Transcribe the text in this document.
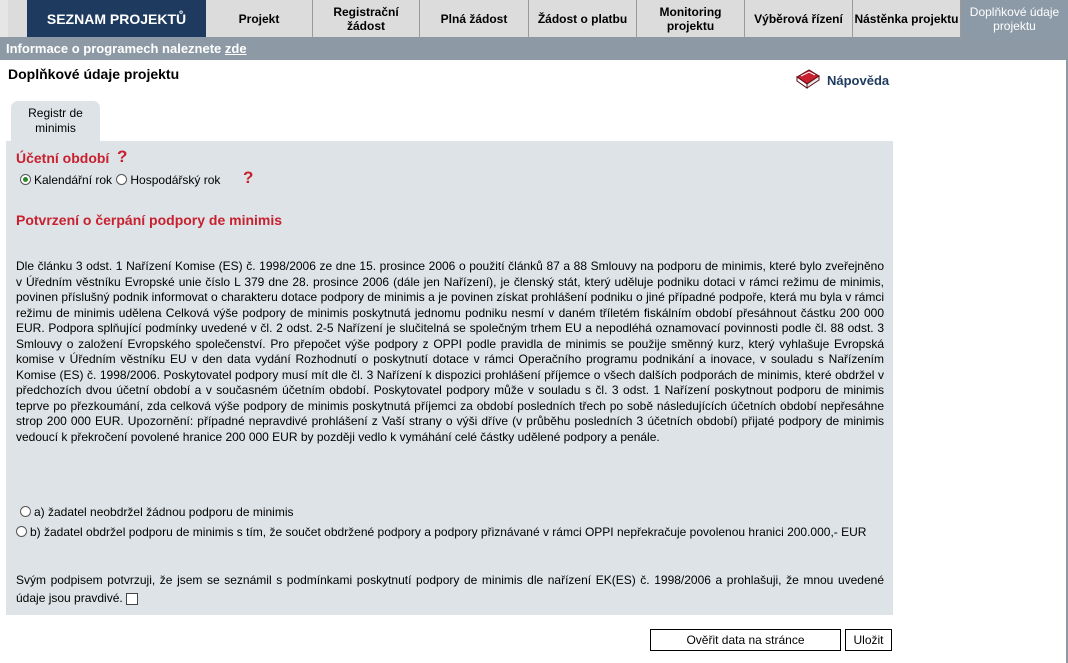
SEZNAM PROJEKTŮ	Projekt	Registrační žádost	Plná žádost	Žádost o platbu	Monitoring projektu	Výběrová řízení Nástěnka projektu Doplňkové údaje projektu
Informace o programech naleznete zde
Doplňkové údaje projektu	Nápověda
Registr de minimis
Účetní období ?
Kalendářní rok Hospodářský rok ?
Potvrzení o čerpání podpory de minimis

Dle článku 3 odst. 1 Nařízení Komise (ES) č. 1998/2006 ze dne 15. prosince 2006 o použití článků 87 a 88 Smlouvy na podporu de minimis, které bylo zveřejněno v Úředním věstníku Evropské unie číslo L 379 dne 28. prosince 2006 (dále jen Nařízení), je členský stát, který uděluje podniku dotaci v rámci režimu de minimis, povinen příslušný podnik informovat o charakteru dotace podpory de minimis a je povinen získat prohlášení podniku o jiné případné podpoře, která mu byla v rámci režimu de minimis udělena Celková výše podpory de minimis poskytnutá jednomu podniku nesmí v daném tříletém fiskálním období přesáhnout částku 200 000 EUR. Podpora splňující podmínky uvedené v čl. 2 odst. 2-5 Nařízení je slučitelná se společným trhem EU a nepodléhá oznamovací povinnosti podle čl. 88 odst. 3 Smlouvy o založení Evropského společenství. Pro přepočet výše podpory z OPPI podle pravidla de minimis se použije směnný kurz, který vyhlašuje Evropská komise v Úředním věstníku EU v den data vydání Rozhodnutí o poskytnutí dotace v rámci Operačního programu podnikání a inovace, v souladu s Nařízením Komise (ES) č. 1998/2006. Poskytovatel podpory musí mít dle čl. 3 Nařízení k dispozici prohlášení příjemce o všech dalších podporách de minimis, které obdržel v předchozích dvou účetní období a v současném účetním období. Poskytovatel podpory může v souladu s čl. 3 odst. 1 Nařízení poskytnout podporu de minimis teprve po přezkoumání, zda celková výše podpory de minimis poskytnutá příjemci za období posledních třech po sobě následujících účetních období nepřesáhne strop 200 000 EUR. Upozornění: případné nepravdivé prohlášení z Vaší strany o výši dříve (v průběhu posledních 3 účetních období) přijaté podpory de minimis vedoucí k překročení povolené hranice 200 000 EUR by později vedlo k vymáhání celé částky udělené podpory a penále.

a) žadatel neobdržel žádnou podporu de minimis
b) žadatel obdržel podporu de minimis s tím, že součet obdržené podpory a podpory přiznávané v rámci OPPI nepřekračuje povolenou hranici 200.000,- EUR
Svým podpisem potvrzuji, že jsem se seznámil s podmínkami poskytnutí podpory de minimis dle nařízení EK(ES) č. 1998/2006 a prohlašuji, že mnou uvedené údaje jsou pravdivé.
Ověřit data na stránce	Uložit
